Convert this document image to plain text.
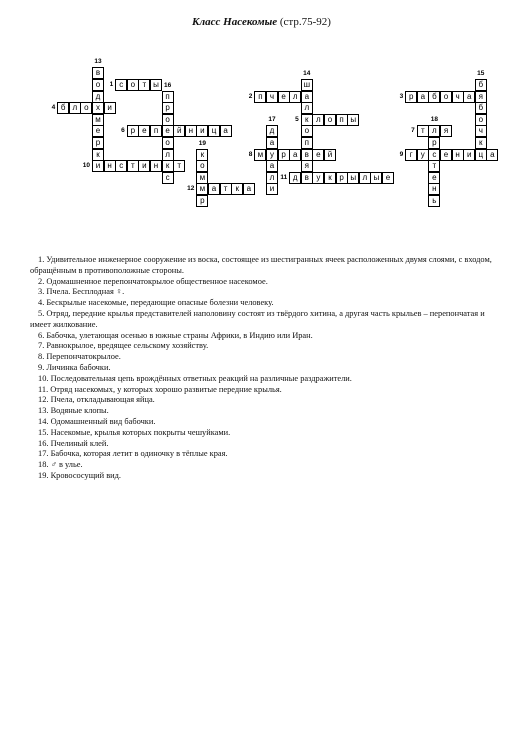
Класс Насекомые (стр.75-92)
с о т ы
1
п ч е л а
2	р а б о ч а я
3
б л о х и
4
к л о п ы
5
р е п е й н и ц а
6	т л я
7
м у р а в е й
8	г	у с е н и ц а
9
и н с т и н к	т
10
д в у к р ы л ы е
11
м а т	к а
12
в
о
д
м
е
р
к
13
ш
л
о
п
я
14
б
б
о
ч
к
15
п
р
о
о
л
с
16
д
а
а
л
и
17
р
т
е
н
ь
18
к
о
м
р
19

1. Удивительное инженерное сооружение из воска, состоящее из шестигранных ячеек расположенных двумя слоями, с входом, обращённым в противоположные стороны.

2. Одомашненное перепончатокрылое общественное насекомое.

3. Пчела. Бесплодная ♀.

4. Бескрылые насекомые, передающие опасные болезни человеку.

5. Отряд, передние крылья представителей наполовину состоят из твёрдого хитина, а другая часть крыльев – перепончатая и имеет жилкование.

6. Бабочка, улетающая осенью в южные страны Африки, в Индию или Иран.

7. Равнокрылое, вредящее сельскому хозяйству.

8. Перепончатокрылое.

9. Личинка бабочки.

10. Последовательная цепь врождённых ответных реакций на различные раздражители.

11. Отряд насекомых, у которых хорошо развитые передние крылья.

12. Пчела, откладывающая яйца.

13. Водяные клопы.

14. Одомашненный вид бабочки.

15. Насекомые, крылья которых покрыты чешуйками.

16. Пчелиный клей.

17. Бабочка, которая летит в одиночку в тёплые края.

18. ♂ в улье.

19. Кровососущий вид.
